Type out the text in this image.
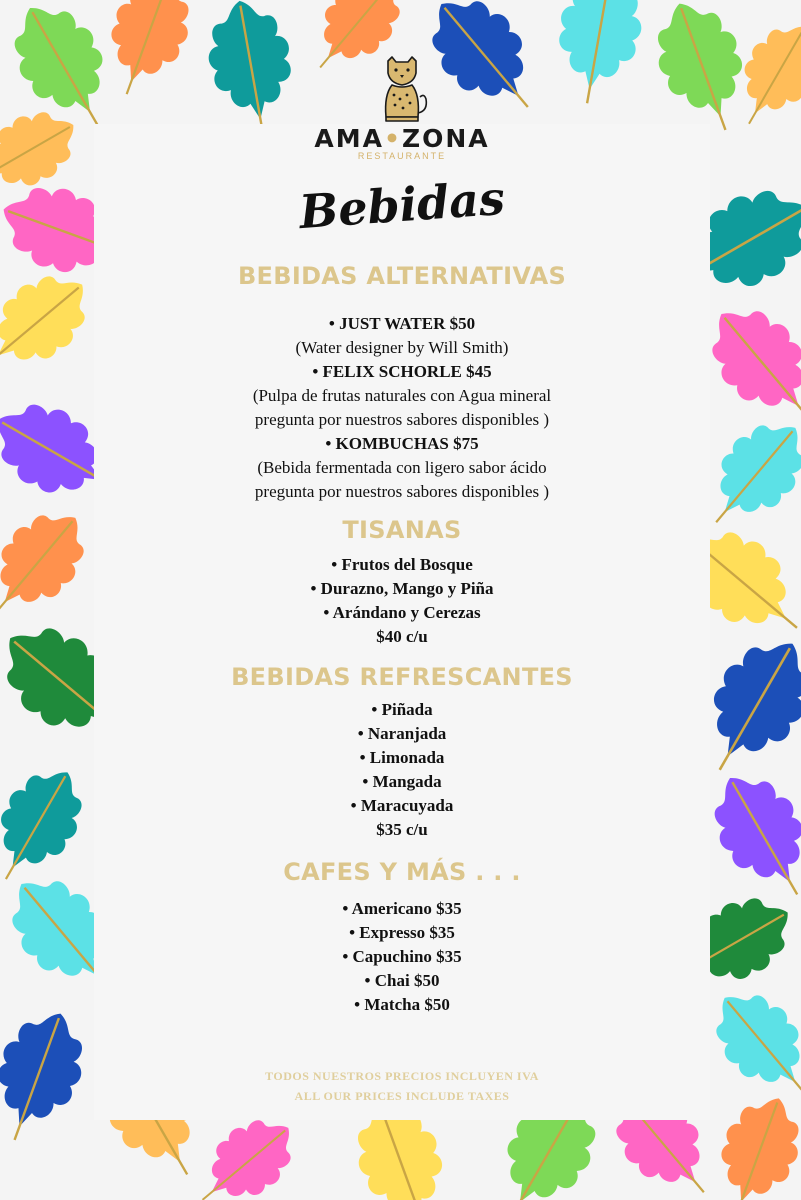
AMA•ZONA
RESTAURANTE
Bebidas
BEBIDAS ALTERNATIVAS
• JUST WATER $50
(Water designer by Will Smith)
• FELIX SCHORLE $45
(Pulpa de frutas naturales con Agua mineral
pregunta por nuestros sabores disponibles )
• KOMBUCHAS $75
(Bebida fermentada con ligero sabor ácido
pregunta por nuestros sabores disponibles )
TISANAS
• Frutos del Bosque
• Durazno, Mango y Piña
• Arándano y Cerezas
$40 c/u
BEBIDAS REFRESCANTES
• Piñada
• Naranjada
• Limonada
• Mangada
• Maracuyada
$35 c/u
CAFES Y MÁS . . .
• Americano $35
• Expresso $35
• Capuchino $35
• Chai $50
• Matcha $50
TODOS NUESTROS PRECIOS INCLUYEN IVA
ALL OUR PRICES INCLUDE TAXES
